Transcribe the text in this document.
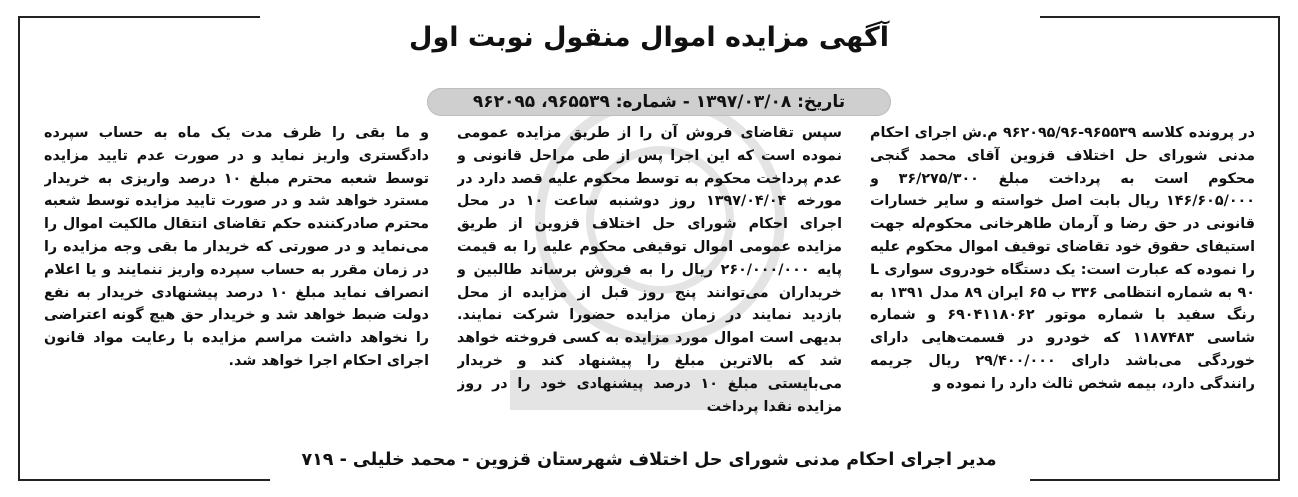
آگهی مزایده اموال منقول نوبت اول
تاریخ: ۱۳۹۷/۰۳/۰۸ - شماره: ۹۶۵۵۳۹، ۹۶۲۰۹۵

در پرونده کلاسه ۹۶۵۵۳۹-۹۶۲۰۹۵/۹۶ م.ش اجرای احکام مدنی شورای حل اختلاف قزوین آقای محمد گنجی محکوم است به پرداخت مبلغ ۳۶/۲۷۵/۳۰۰ و ۱۴۶/۶۰۵/۰۰۰ ریال بابت اصل خواسته و سایر خسارات قانونی در حق رضا و آرمان طاهرخانی محکوم‌له جهت استیفای حقوق خود تقاضای توقیف اموال محکوم علیه را نموده که عبارت است: یک دستگاه خودروی سواری L ۹۰ به شماره انتظامی ۳۳۶ ب ۶۵ ایران ۸۹ مدل ۱۳۹۱ به رنگ سفید با شماره موتور ۶۹۰۴۱۱۸۰۶۲ و شماره شاسی ۱۱۸۷۴۸۳ که خودرو در قسمت‌هایی دارای خوردگی می‌باشد دارای ۲۹/۴۰۰/۰۰۰ ریال جریمه رانندگی دارد، بیمه شخص ثالث دارد را نموده و

سپس تقاضای فروش آن را از طریق مزایده عمومی نموده است که این اجرا پس از طی مراحل قانونی و عدم پرداخت محکوم به توسط محکوم علیه قصد دارد در مورخه ۱۳۹۷/۰۴/۰۴ روز دوشنبه ساعت ۱۰ در محل اجرای احکام شورای حل اختلاف قزوین از طریق مزایده عمومی اموال توقیفی محکوم علیه را به قیمت پایه ۲۶۰/۰۰۰/۰۰۰ ریال را به فروش برساند طالبین و خریداران می‌توانند پنج روز قبل از مزایده از محل بازدید نمایند در زمان مزایده حضورا شرکت نمایند. بدیهی است اموال مورد مزایده به کسی فروخته خواهد شد که بالاترین مبلغ را پیشنهاد کند و خریدار می‌بایستی مبلغ ۱۰ درصد پیشنهادی خود را در روز مزایده نقدا پرداخت

و ما بقی را ظرف مدت یک ماه به حساب سپرده دادگستری واریز نماید و در صورت عدم تایید مزایده توسط شعبه محترم مبلغ ۱۰ درصد واریزی به خریدار مسترد خواهد شد و در صورت تایید مزایده توسط شعبه محترم صادرکننده حکم تقاضای انتقال مالکیت اموال را می‌نماید و در صورتی که خریدار ما بقی وجه مزایده را در زمان مقرر به حساب سپرده واریز ننمایند و یا اعلام انصراف نماید مبلغ ۱۰ درصد پیشنهادی خریدار به نفع دولت ضبط خواهد شد و خریدار حق هیچ گونه اعتراضی را نخواهد داشت مراسم مزایده با رعایت مواد قانون اجرای احکام اجرا خواهد شد.

مدیر اجرای احکام مدنی شورای حل اختلاف شهرستان قزوین - محمد خلیلی - ۷۱۹
